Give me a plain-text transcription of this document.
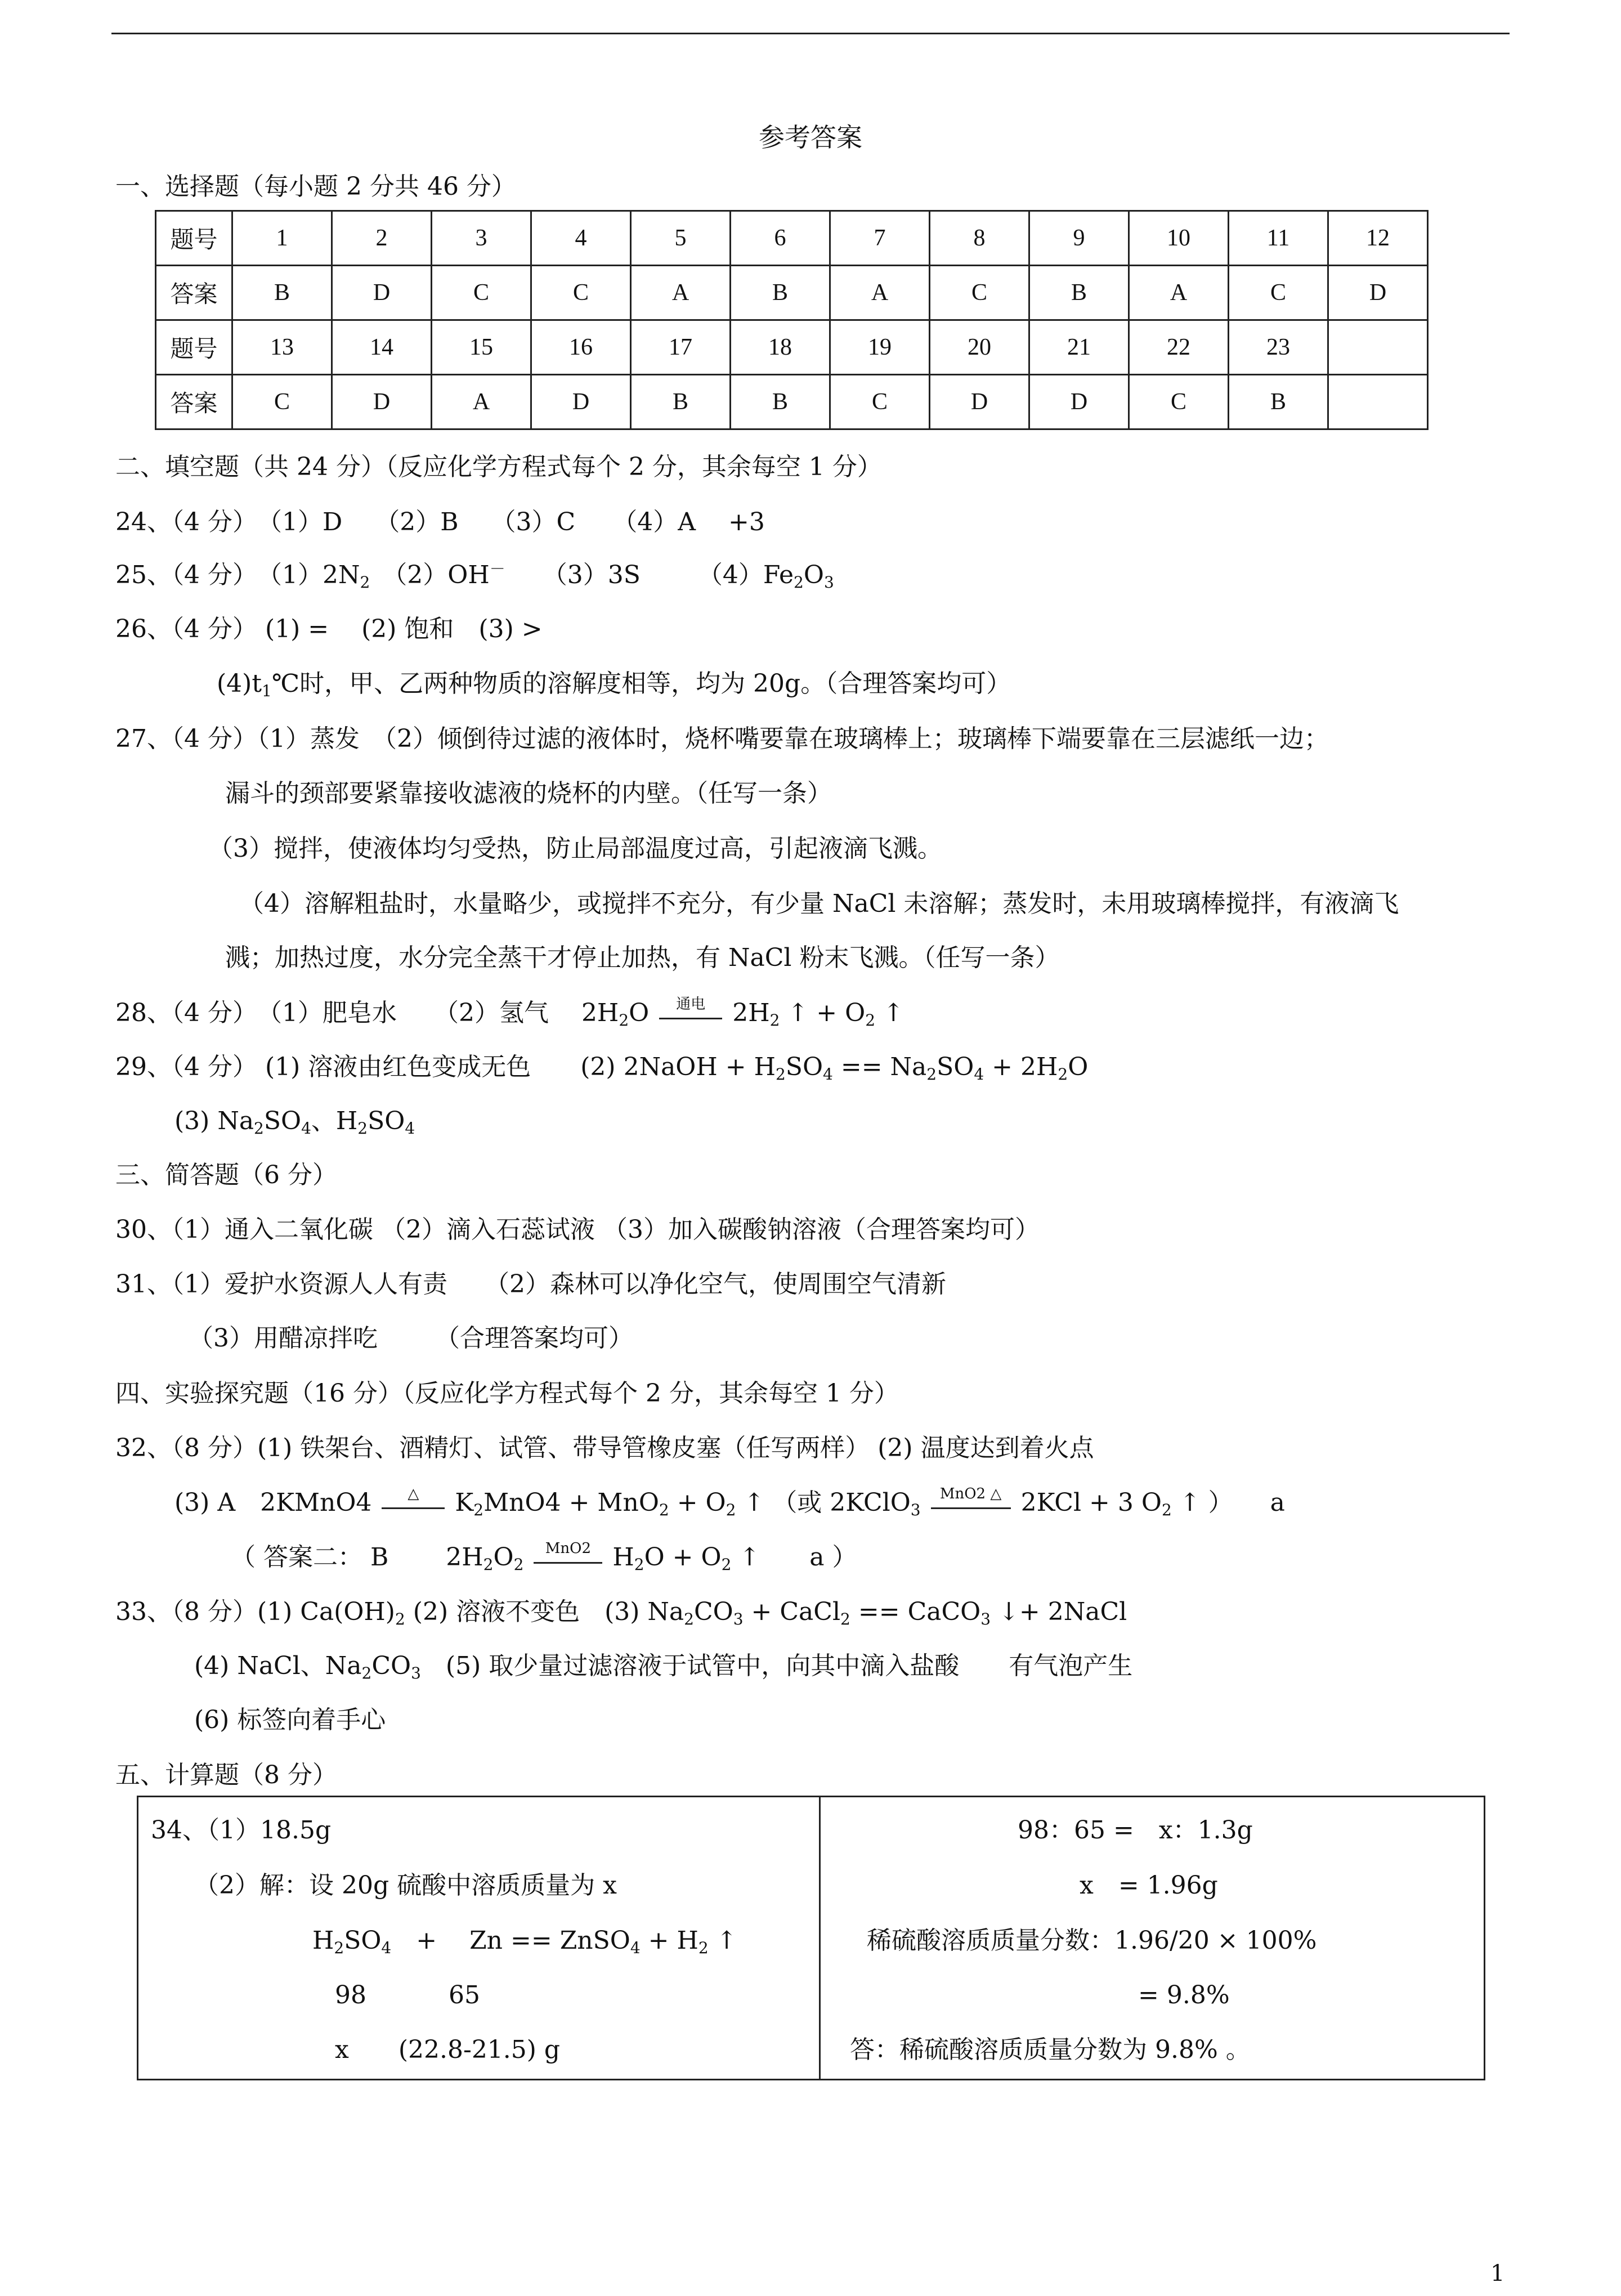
参考答案
一、选择题（每小题 2 分共 46 分）
题号	1	2	3	4	5	6	7	8	9	10	11	12
答案	B	D	C	C	A	B	A	C	B	A	C	D
题号	13	14	15	16	17	18	19	20	21	22	23	
答案	C	D	A	D	B	B	C	D	D	C	B	
二、填空题（共 24 分）（反应化学方程式每个 2 分，其余每空 1 分）
24、（4 分）　（1）D　 （2）B　 （3）C　　（4）A　 +3
25、（4 分）　$(1)2N_2$　（2）OH－　　（3）3S　　 $(4)Fe_2O_3$
26、（4 分） (1) =　 (2) 饱和　(3) >
$(4)t_1℃$时，甲、乙两种物质的溶解度相等，均为 20g。（合理答案均可）
27、（4 分）（1）蒸发　（2）倾倒待过滤的液体时，烧杯嘴要靠在玻璃棒上；玻璃棒下端要靠在三层滤纸一边；
漏斗的颈部要紧靠接收滤液的烧杯的内壁。（任写一条）
（3）搅拌，使液体均匀受热，防止局部温度过高，引起液滴飞溅。
（4）溶解粗盐时，水量略少，或搅拌不充分，有少量 NaCl 未溶解；蒸发时，未用玻璃棒搅拌，有液滴飞
溅；加热过度，水分完全蒸干才停止加热，有 NaCl 粉末飞溅。（任写一条）
28、（4 分）　（1）肥皂水　　（2）氢气　 $2H_2O$	通电	$2H_2$ ↑ + $O_2$ ↑
29、（4 分） (1) 溶液由红色变成无色　　(2) 2NaOH + $H_2SO_4 == Na_2SO_4 + 2H_2O$
(3) $Na_2SO_4$、$H_2SO_4$
三、简答题（6 分）
30、（1）通入二氧化碳 （2）滴入石蕊试液 （3）加入碳酸钠溶液（合理答案均可）
31、（1）爱护水资源人人有责　　（2）森林可以净化空气，使周围空气清新
（3）用醋凉拌吃　　 （合理答案均可）
四、实验探究题（16 分）（反应化学方程式每个 2 分，其余每空 1 分）
32、（8 分）(1) 铁架台、酒精灯、试管、带导管橡皮塞（任写两样） (2) 温度达到着火点
(3) A　2KMnO4	△	$K_2MnO4 + MnO_2 + O_2$ ↑ （或 2KClO$_3$
MnO2 △ 2KCl + 3 $O_2$ ↑ ）　　a
（ 答案二： B　　 $2H_2O_2$
MnO2 $H_2O + O_2$ ↑　　a ）
33、（8 分）(1) $Ca(OH)_2$ (2) 溶液不变色　(3) $Na_2CO_3$ + CaCl$_2$ == CaCO$_3$ ↓+ 2NaCl
(4) NaCl、$Na_2CO_3$　(5) 取少量过滤溶液于试管中，向其中滴入盐酸　　有气泡产生
(6) 标签向着手心
五、计算题（8 分）
34、（1）18.5g
（2）解：设 20g 硫酸中溶质质量为 x
$H_2SO_4$　+　 Zn == ZnSO$_4$ + $H_2$ ↑
98　　　 65
x　　(22.8-21.5) g
98：65 =　x：1.3g
x　= 1.96g
稀硫酸溶质质量分数：1.96/20 × 100%
= 9.8%
答：稀硫酸溶质质量分数为 9.8% 。
1
